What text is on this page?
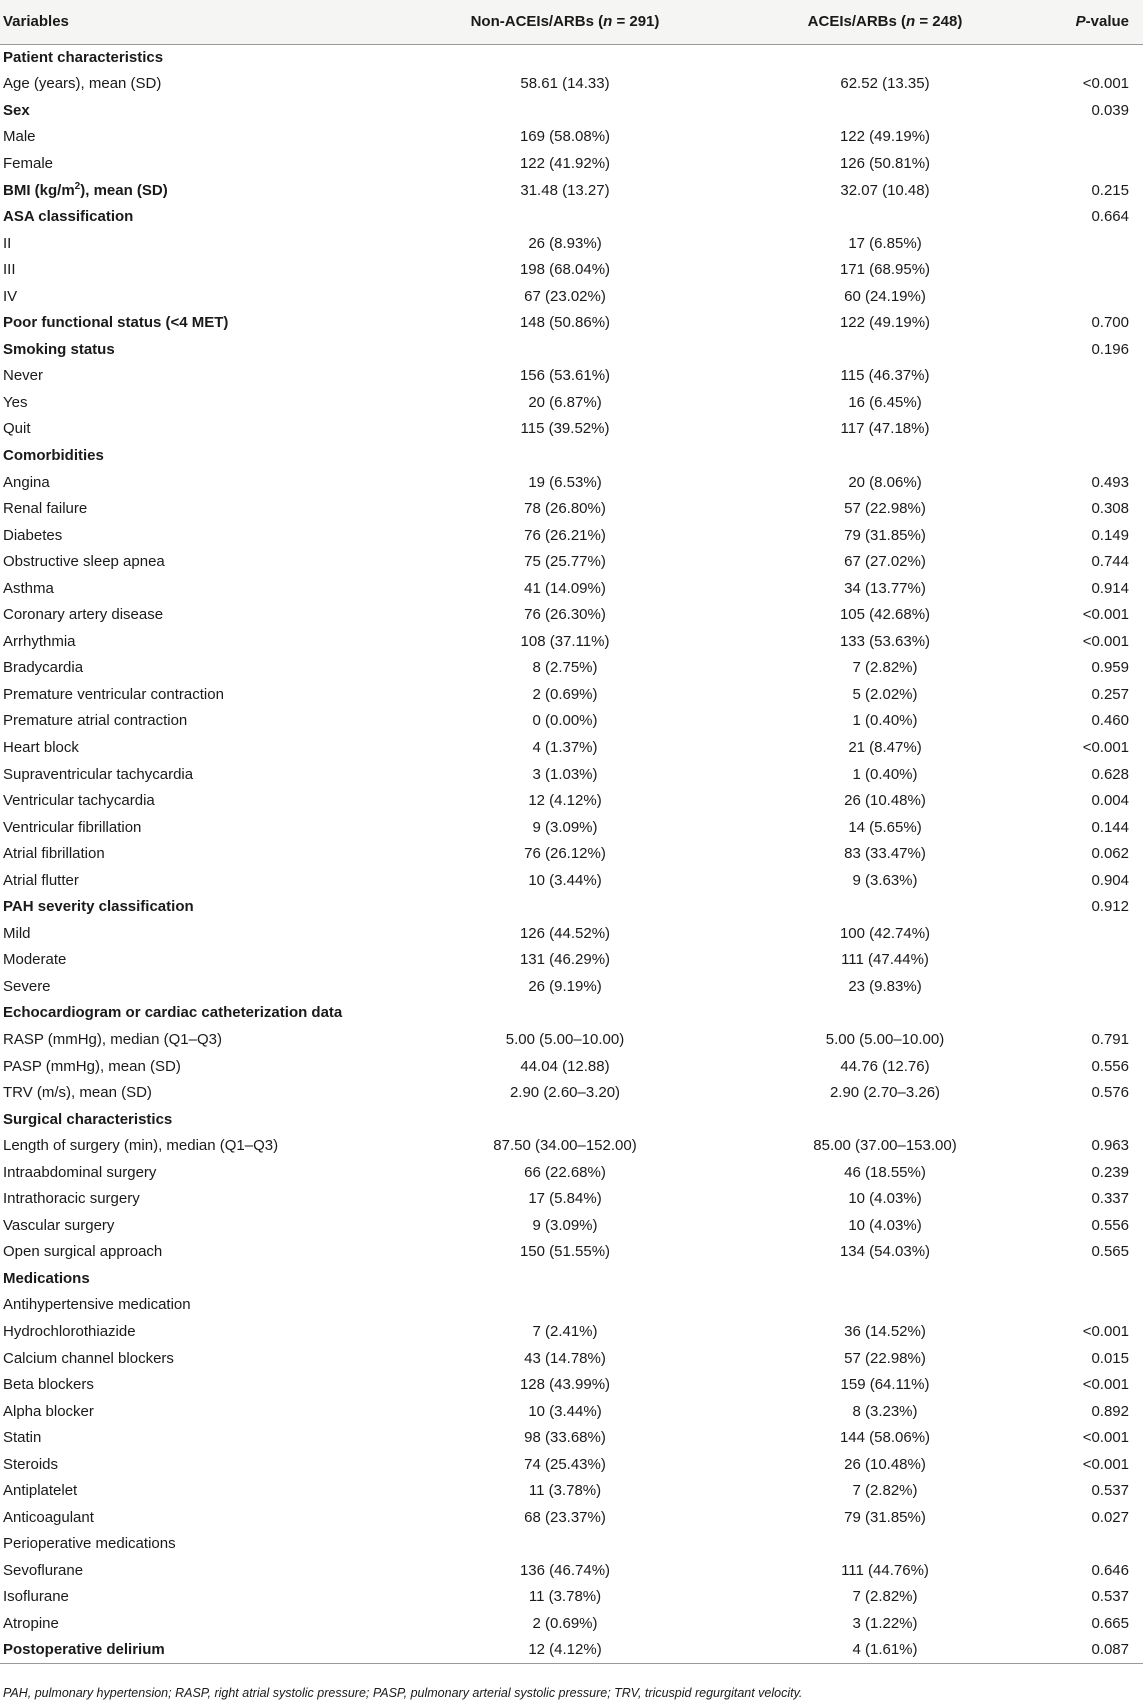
Variables	Non-ACEIs/ARBs (n = 291)	ACEIs/ARBs (n = 248)	P-value
Patient characteristics			
Age (years), mean (SD)	58.61 (14.33)	62.52 (13.35)	<0.001
Sex			0.039
Male	169 (58.08%)	122 (49.19%)	
Female	122 (41.92%)	126 (50.81%)	
BMI $(kg/m^2)$, mean (SD)	31.48 (13.27)	32.07 (10.48)	0.215
ASA classification			0.664
II	26 (8.93%)	17 (6.85%)	
III	198 (68.04%)	171 (68.95%)	
IV	67 (23.02%)	60 (24.19%)	
Poor functional status (<4 MET)	148 (50.86%)	122 (49.19%)	0.700
Smoking status			0.196
Never	156 (53.61%)	115 (46.37%)	
Yes	20 (6.87%)	16 (6.45%)	
Quit	115 (39.52%)	117 (47.18%)	
Comorbidities			
Angina	19 (6.53%)	20 (8.06%)	0.493
Renal failure	78 (26.80%)	57 (22.98%)	0.308
Diabetes	76 (26.21%)	79 (31.85%)	0.149
Obstructive sleep apnea	75 (25.77%)	67 (27.02%)	0.744
Asthma	41 (14.09%)	34 (13.77%)	0.914
Coronary artery disease	76 (26.30%)	105 (42.68%)	<0.001
Arrhythmia	108 (37.11%)	133 (53.63%)	<0.001
Bradycardia	8 (2.75%)	7 (2.82%)	0.959
Premature ventricular contraction	2 (0.69%)	5 (2.02%)	0.257
Premature atrial contraction	0 (0.00%)	1 (0.40%)	0.460
Heart block	4 (1.37%)	21 (8.47%)	<0.001
Supraventricular tachycardia	3 (1.03%)	1 (0.40%)	0.628
Ventricular tachycardia	12 (4.12%)	26 (10.48%)	0.004
Ventricular fibrillation	9 (3.09%)	14 (5.65%)	0.144
Atrial fibrillation	76 (26.12%)	83 (33.47%)	0.062
Atrial flutter	10 (3.44%)	9 (3.63%)	0.904
PAH severity classification			0.912
Mild	126 (44.52%)	100 (42.74%)	
Moderate	131 (46.29%)	111 (47.44%)	
Severe	26 (9.19%)	23 (9.83%)	
Echocardiogram or cardiac catheterization data			
RASP (mmHg), median (Q1–Q3)	5.00 (5.00–10.00)	5.00 (5.00–10.00)	0.791
PASP (mmHg), mean (SD)	44.04 (12.88)	44.76 (12.76)	0.556
TRV (m/s), mean (SD)	2.90 (2.60–3.20)	2.90 (2.70–3.26)	0.576
Surgical characteristics			
Length of surgery (min), median (Q1–Q3)	87.50 (34.00–152.00)	85.00 (37.00–153.00)	0.963
Intraabdominal surgery	66 (22.68%)	46 (18.55%)	0.239
Intrathoracic surgery	17 (5.84%)	10 (4.03%)	0.337
Vascular surgery	9 (3.09%)	10 (4.03%)	0.556
Open surgical approach	150 (51.55%)	134 (54.03%)	0.565
Medications			
Antihypertensive medication			
Hydrochlorothiazide	7 (2.41%)	36 (14.52%)	<0.001
Calcium channel blockers	43 (14.78%)	57 (22.98%)	0.015
Beta blockers	128 (43.99%)	159 (64.11%)	<0.001
Alpha blocker	10 (3.44%)	8 (3.23%)	0.892
Statin	98 (33.68%)	144 (58.06%)	<0.001
Steroids	74 (25.43%)	26 (10.48%)	<0.001
Antiplatelet	11 (3.78%)	7 (2.82%)	0.537
Anticoagulant	68 (23.37%)	79 (31.85%)	0.027
Perioperative medications			
Sevoflurane	136 (46.74%)	111 (44.76%)	0.646
Isoflurane	11 (3.78%)	7 (2.82%)	0.537
Atropine	2 (0.69%)	3 (1.22%)	0.665
Postoperative delirium	12 (4.12%)	4 (1.61%)	0.087
PAH, pulmonary hypertension; RASP, right atrial systolic pressure; PASP, pulmonary arterial systolic pressure; TRV, tricuspid regurgitant velocity.
